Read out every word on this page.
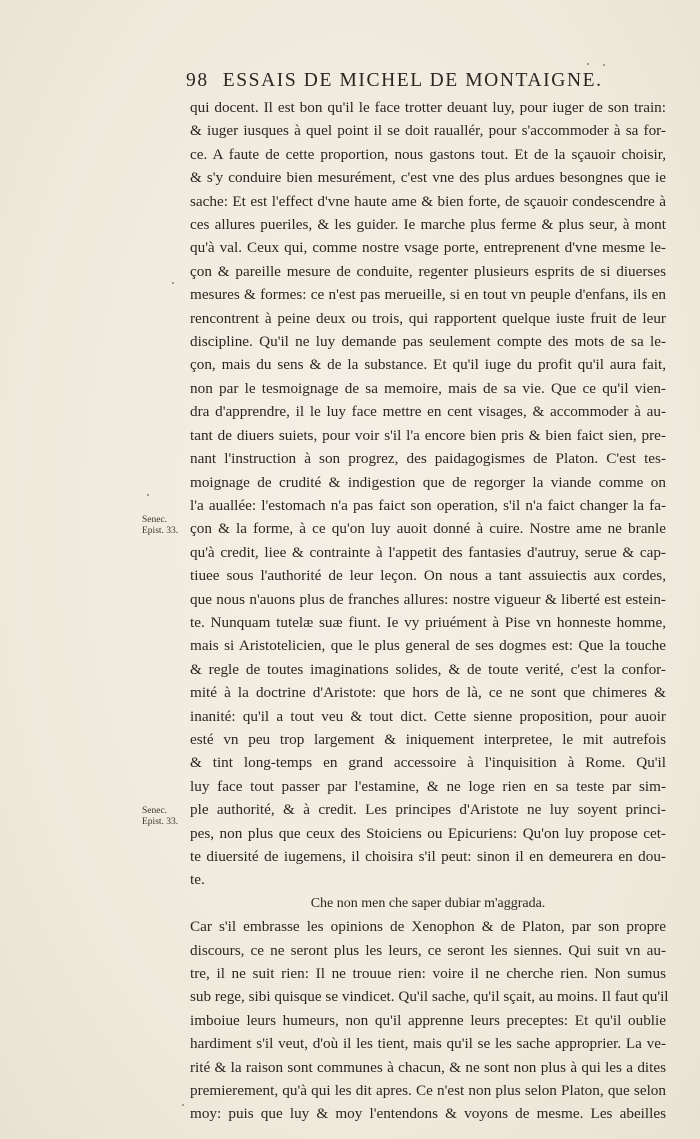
98 ESSAIS DE MICHEL DE MONTAIGNE.
Senec.
Epist. 33.
Senec.
Epist. 33.
qui docent. Il est bon qu'il le face trotter deuant luy, pour iuger de son train:
& iuger iusques à quel point il se doit rauallér, pour s'accommoder à sa for-
ce. A faute de cette proportion, nous gastons tout. Et de la sçauoir choisir,
& s'y conduire bien mesurément, c'est vne des plus ardues besongnes que ie
sache: Et est l'effect d'vne haute ame & bien forte, de sçauoir condescendre à
ces allures pueriles, & les guider. Ie marche plus ferme & plus seur, à mont
qu'à val. Ceux qui, comme nostre vsage porte, entreprenent d'vne mesme le-
çon & pareille mesure de conduite, regenter plusieurs esprits de si diuerses
mesures & formes: ce n'est pas merueille, si en tout vn peuple d'enfans, ils en
rencontrent à peine deux ou trois, qui rapportent quelque iuste fruit de leur
discipline. Qu'il ne luy demande pas seulement compte des mots de sa le-
çon, mais du sens & de la substance. Et qu'il iuge du profit qu'il aura fait,
non par le tesmoignage de sa memoire, mais de sa vie. Que ce qu'il vien-
dra d'apprendre, il le luy face mettre en cent visages, & accommoder à au-
tant de diuers suiets, pour voir s'il l'a encore bien pris & bien faict sien, pre-
nant l'instruction à son progrez, des paidagogismes de Platon. C'est tes-
moignage de crudité & indigestion que de regorger la viande comme on
l'a auallée: l'estomach n'a pas faict son operation, s'il n'a faict changer la fa-
çon & la forme, à ce qu'on luy auoit donné à cuire. Nostre ame ne branle
qu'à credit, liee & contrainte à l'appetit des fantasies d'autruy, serue & cap-
tiuee sous l'authorité de leur leçon. On nous a tant assuiectis aux cordes,
que nous n'auons plus de franches allures: nostre vigueur & liberté est estein-
te. Nunquam tutelæ suæ fiunt. Ie vy priuément à Pise vn honneste homme,
mais si Aristotelicien, que le plus general de ses dogmes est: Que la touche
& regle de toutes imaginations solides, & de toute verité, c'est la confor-
mité à la doctrine d'Aristote: que hors de là, ce ne sont que chimeres &
inanité: qu'il a tout veu & tout dict. Cette sienne proposition, pour auoir
esté vn peu trop largement & iniquement interpretee, le mit autrefois
& tint long-temps en grand accessoire à l'inquisition à Rome. Qu'il
luy face tout passer par l'estamine, & ne loge rien en sa teste par sim-
ple authorité, & à credit. Les principes d'Aristote ne luy soyent princi-
pes, non plus que ceux des Stoiciens ou Epicuriens: Qu'on luy propose cet-
te diuersité de iugemens, il choisira s'il peut: sinon il en demeurera en dou-
te.
Che non men che saper dubiar m'aggrada.
Car s'il embrasse les opinions de Xenophon & de Platon, par son propre
discours, ce ne seront plus les leurs, ce seront les siennes. Qui suit vn au-
tre, il ne suit rien: Il ne trouue rien: voire il ne cherche rien. Non sumus
sub rege, sibi quisque se vindicet. Qu'il sache, qu'il sçait, au moins. Il faut qu'il
imboiue leurs humeurs, non qu'il apprenne leurs preceptes: Et qu'il oublie
hardiment s'il veut, d'où il les tient, mais qu'il se les sache approprier. La ve-
rité & la raison sont communes à chacun, & ne sont non plus à qui les a dites
premierement, qu'à qui les dit apres. Ce n'est non plus selon Platon, que selon
moy: puis que luy & moy l'entendons & voyons de mesme. Les abeilles
